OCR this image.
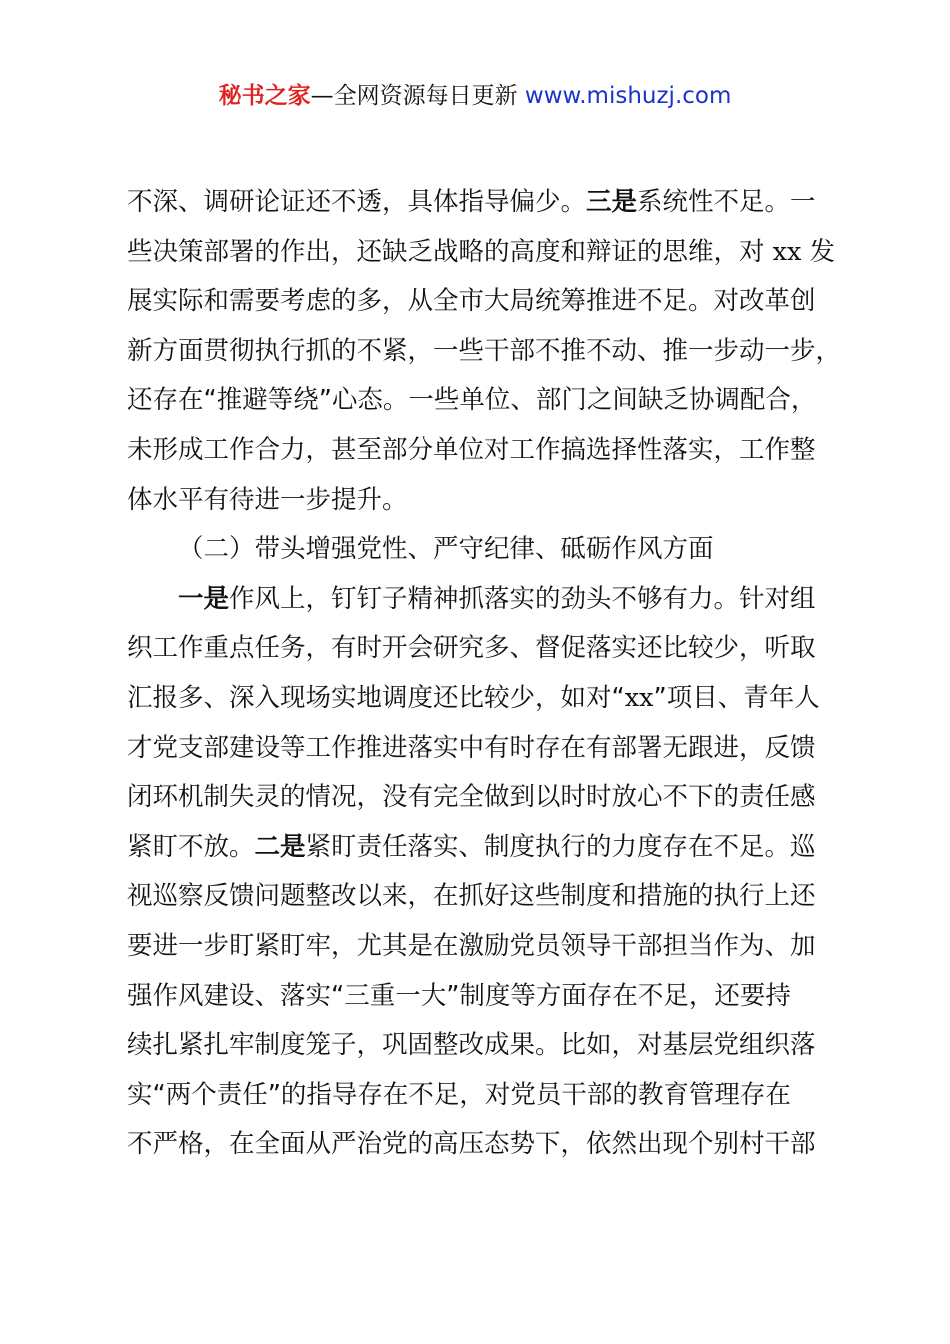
秘书之家—全网资源每日更新 www.mishuzj.com
不深、调研论证还不透，具体指导偏少。三是系统性不足。一
些决策部署的作出，还缺乏战略的高度和辩证的思维，对 xx 发
展实际和需要考虑的多，从全市大局统筹推进不足。对改革创
新方面贯彻执行抓的不紧，一些干部不推不动、推一步动一步，
还存在“推避等绕”心态。一些单位、部门之间缺乏协调配合，
未形成工作合力，甚至部分单位对工作搞选择性落实，工作整
体水平有待进一步提升。
（二）带头增强党性、严守纪律、砥砺作风方面
一是作风上，钉钉子精神抓落实的劲头不够有力。针对组
织工作重点任务，有时开会研究多、督促落实还比较少，听取
汇报多、深入现场实地调度还比较少，如对“xx”项目、青年人
才党支部建设等工作推进落实中有时存在有部署无跟进，反馈
闭环机制失灵的情况，没有完全做到以时时放心不下的责任感
紧盯不放。二是紧盯责任落实、制度执行的力度存在不足。巡
视巡察反馈问题整改以来，在抓好这些制度和措施的执行上还
要进一步盯紧盯牢，尤其是在激励党员领导干部担当作为、加
强作风建设、落实“三重一大”制度等方面存在不足，还要持
续扎紧扎牢制度笼子，巩固整改成果。比如，对基层党组织落
实“两个责任”的指导存在不足，对党员干部的教育管理存在
不严格，在全面从严治党的高压态势下，依然出现个别村干部
